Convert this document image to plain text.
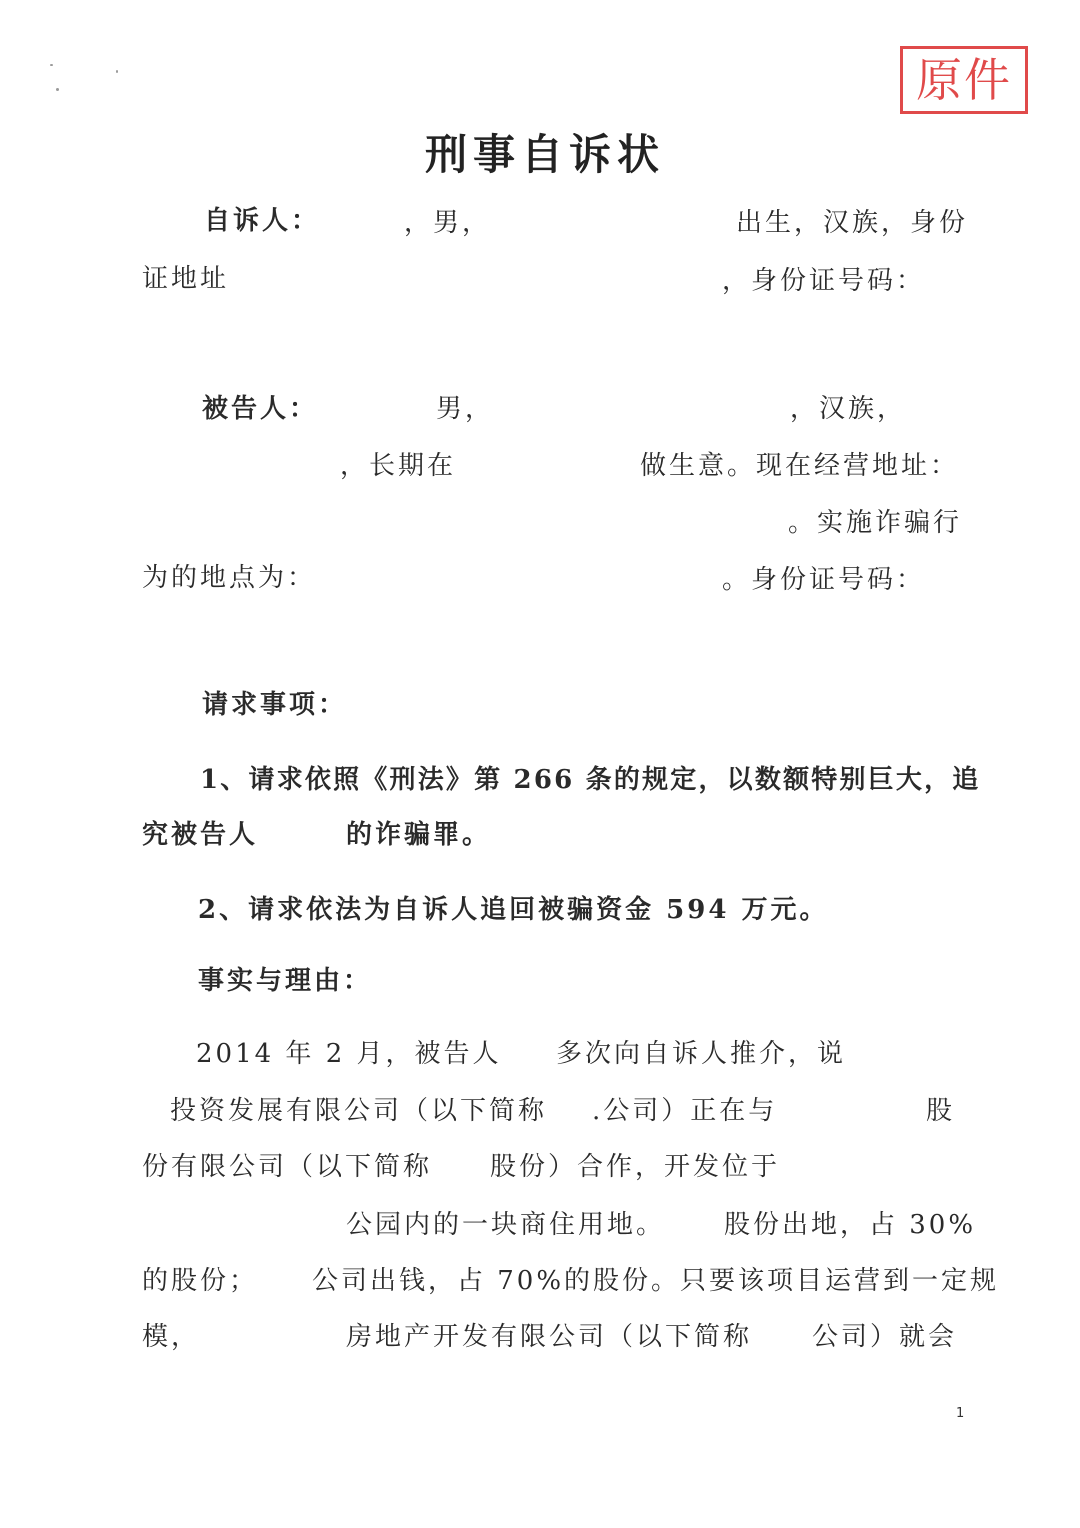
原件
刑事自诉状
自诉人：	，男，	出生，汉族，身份
证地址	，身份证号码：
被告人：	男，	，汉族，
，长期在	做生意。现在经营地址：
。实施诈骗行
为的地点为：	。身份证号码：
请求事项：
1、请求依照《刑法》第 266 条的规定，以数额特别巨大，追
究被告人	的诈骗罪。
2、请求依法为自诉人追回被骗资金 594 万元。
事实与理由：
2014 年 2 月，被告人 多次向自诉人推介，说
投资发展有限公司（以下简称 .公司）正在与	股
份有限公司（以下简称 股份）合作，开发位于
公园内的一块商住用地。 股份出地，占 30%
的股份； 公司出钱，占 70%的股份。只要该项目运营到一定规
模，	房地产开发有限公司（以下简称 公司）就会
1
